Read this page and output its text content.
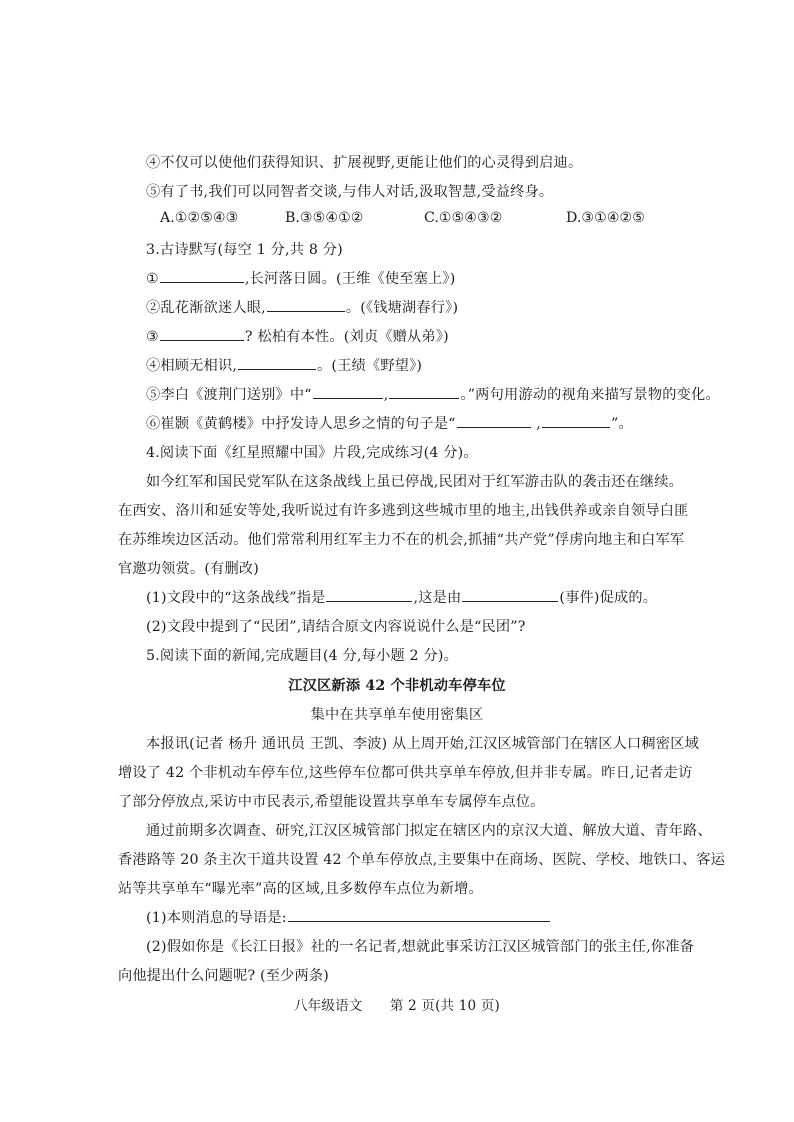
④不仅可以使他们获得知识、扩展视野,更能让他们的心灵得到启迪。
⑤有了书,我们可以同智者交谈,与伟人对话,汲取智慧,受益终身。
A.①②⑤④③	B.③⑤④①②	C.①⑤④③②	D.③①④②⑤
3.古诗默写(每空 1 分,共 8 分)
①	,长河落日圆。(王维《使至塞上》)
②乱花渐欲迷人眼,	。(《钱塘湖春行》)
③	? 松柏有本性。(刘贞《赠从弟》)
④相顾无相识,	。(王绩《野望》)
⑤李白《渡荆门送别》中“	,	。”两句用游动的视角来描写景物的变化。
⑥崔颢《黄鹤楼》中抒发诗人思乡之情的句子是“	,	”。
4.阅读下面《红星照耀中国》片段,完成练习(4 分)。
如今红军和国民党军队在这条战线上虽已停战,民团对于红军游击队的袭击还在继续。
在西安、洛川和延安等处,我听说过有许多逃到这些城市里的地主,出钱供养或亲自领导白匪
在苏维埃边区活动。他们常常利用红军主力不在的机会,抓捕“共产党”俘虏向地主和白军军
官邀功领赏。(有删改)
(1)文段中的“这条战线”指是	,这是由	(事件)促成的。
(2)文段中提到了“民团”,请结合原文内容说说什么是“民团”?
5.阅读下面的新闻,完成题目(4 分,每小题 2 分)。
江汉区新添 42 个非机动车停车位
集中在共享单车使用密集区
本报讯(记者 杨升 通讯员 王凯、李波) 从上周开始,江汉区城管部门在辖区人口稠密区域
增设了 42 个非机动车停车位,这些停车位都可供共享单车停放,但并非专属。昨日,记者走访
了部分停放点,采访中市民表示,希望能设置共享单车专属停车点位。
通过前期多次调查、研究,江汉区城管部门拟定在辖区内的京汉大道、解放大道、青年路、
香港路等 20 条主次干道共设置 42 个单车停放点,主要集中在商场、医院、学校、地铁口、客运
站等共享单车“曝光率”高的区域,且多数停车点位为新增。
(1)本则消息的导语是:
(2)假如你是《长江日报》社的一名记者,想就此事采访江汉区城管部门的张主任,你准备
向他提出什么问题呢? (至少两条)
八年级语文　　第 2 页(共 10 页)
